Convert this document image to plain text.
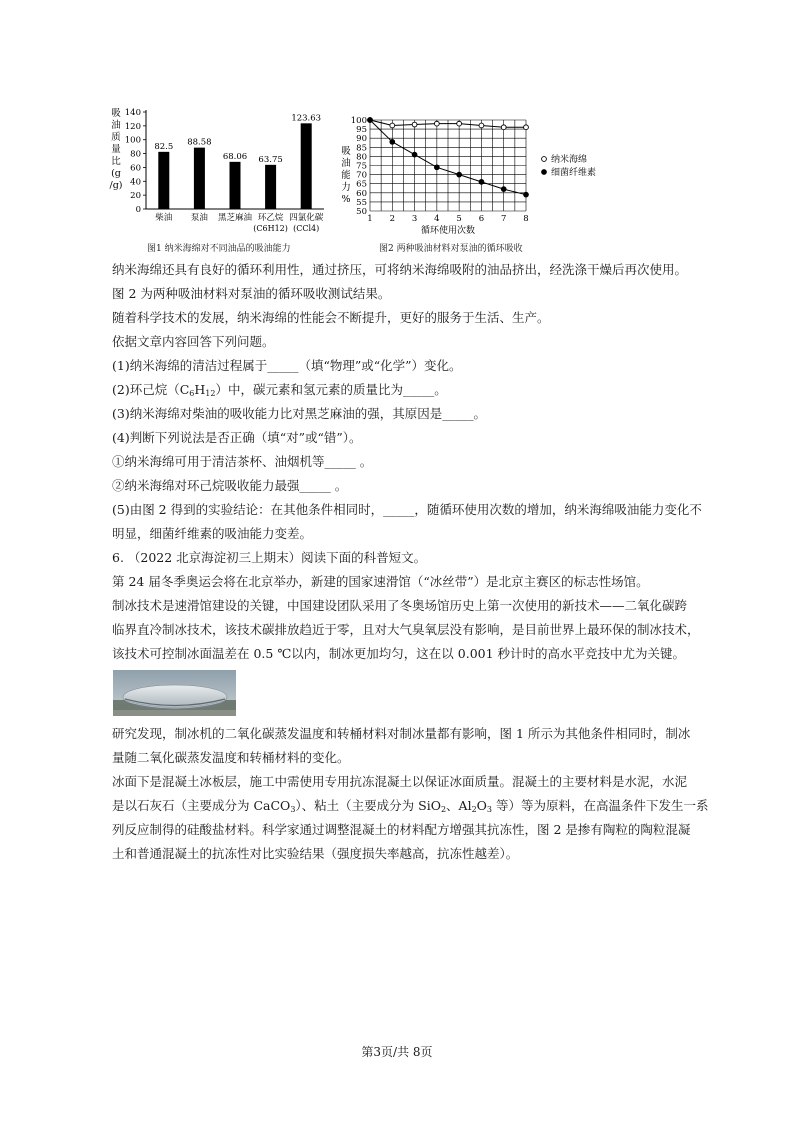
吸
油
质
量
比
(g
/g)
0
20
40
60
80
100
120
140
82.5 88.58
68.06 63.75
123.63
柴油 泵油 黑芝麻油 环乙烷
(C6H12)
四氯化碳
(CCl4)
图1 纳米海绵对不同油品的吸油能力
吸
油
能
力
%
50
55
60
65
70
75
80
85
90
95
100
1 2 3 4 5 6 7 8
纳米海绵
细菌纤维素
循环使用次数
图2 两种吸油材料对泵油的循环吸收
纳米海绵还具有良好的循环利用性，通过挤压，可将纳米海绵吸附的油品挤出，经洗涤干燥后再次使用。
图 2 为两种吸油材料对泵油的循环吸收测试结果。
随着科学技术的发展，纳米海绵的性能会不断提升，更好的服务于生活、生产。
依据文章内容回答下列问题。
(1)纳米海绵的清洁过程属于_____（填“物理”或“化学”）变化。
(2)环己烷$(C_6H_{12})$中，碳元素和氢元素的质量比为_____。
(3)纳米海绵对柴油的吸收能力比对黑芝麻油的强，其原因是_____。
(4)判断下列说法是否正确（填“对”或“错”）。
①纳米海绵可用于清洁茶杯、油烟机等_____ 。
②纳米海绵对环己烷吸收能力最强_____ 。
(5)由图 2 得到的实验结论：在其他条件相同时，_____，随循环使用次数的增加，纳米海绵吸油能力变化不
明显，细菌纤维素的吸油能力变差。
6. （2022 北京海淀初三上期末）阅读下面的科普短文。
第 24 届冬季奥运会将在北京举办，新建的国家速滑馆（“冰丝带”）是北京主赛区的标志性场馆。
制冰技术是速滑馆建设的关键，中国建设团队采用了冬奥场馆历史上第一次使用的新技术——二氧化碳跨
临界直冷制冰技术，该技术碳排放趋近于零，且对大气臭氧层没有影响，是目前世界上最环保的制冰技术，
该技术可控制冰面温差在 0.5 ℃以内，制冰更加均匀，这在以 0.001 秒计时的高水平竞技中尤为关键。
研究发现，制冰机的二氧化碳蒸发温度和转桶材料对制冰量都有影响，图 1 所示为其他条件相同时，制冰
量随二氧化碳蒸发温度和转桶材料的变化。
冰面下是混凝土冰板层，施工中需使用专用抗冻混凝土以保证冰面质量。混凝土的主要材料是水泥，水泥
是以石灰石（主要成分为 CaCO$_3$）、粘土（主要成分为 SiO$_2$、$Al_2O_3$ 等）等为原料，在高温条件下发生一系
列反应制得的硅酸盐材料。科学家通过调整混凝土的材料配方增强其抗冻性，图 2 是掺有陶粒的陶粒混凝
土和普通混凝土的抗冻性对比实验结果（强度损失率越高，抗冻性越差）。
第3页/共 8页
